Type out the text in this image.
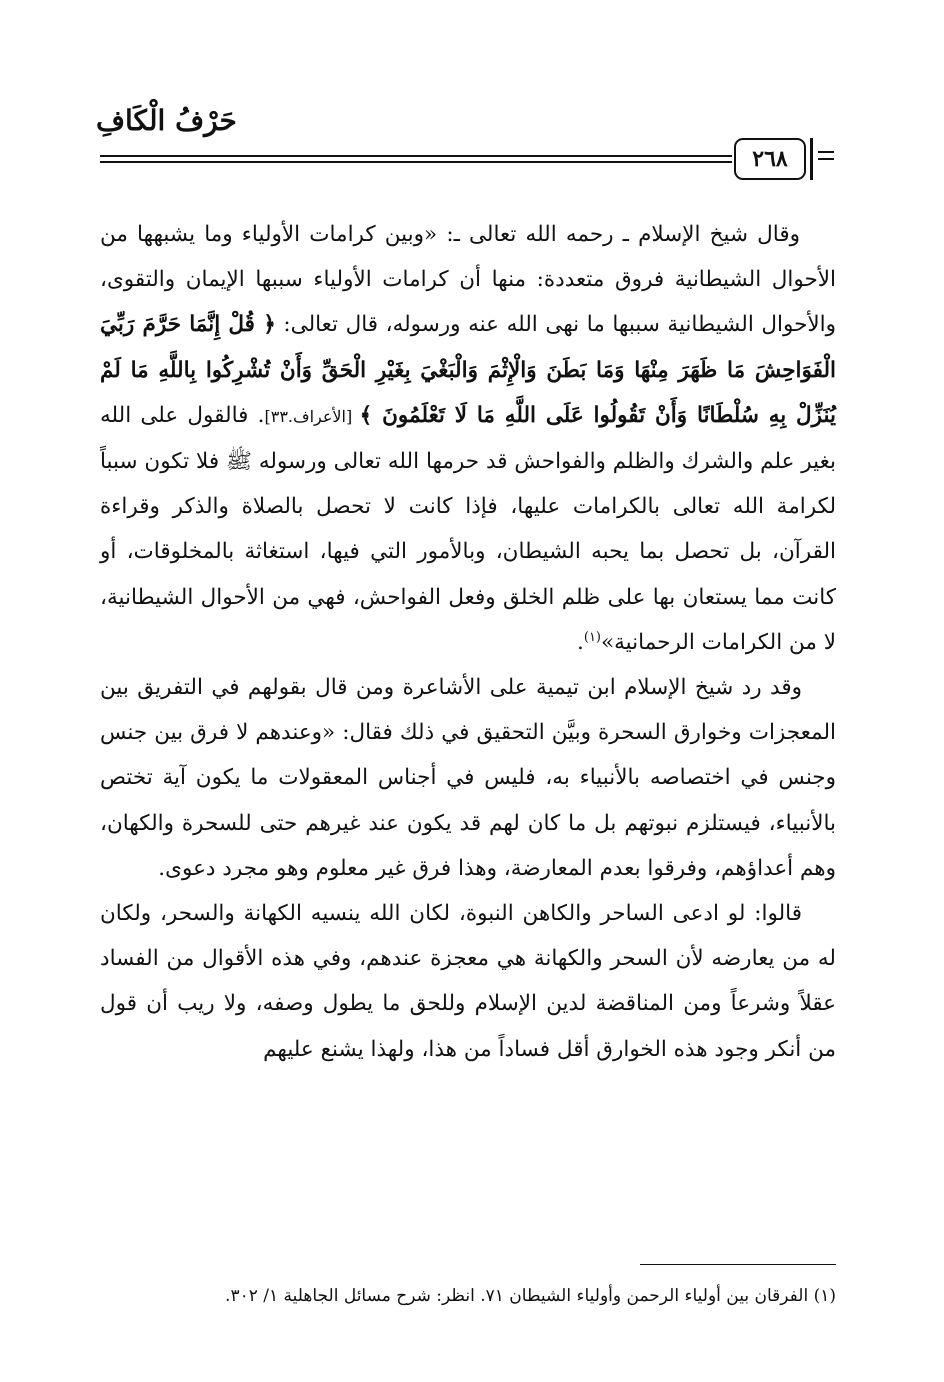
حَرْفُ الْكَافِ
٢٦٨

وقال شيخ الإسلام ـ رحمه الله تعالى ـ: «وبين كرامات الأولياء وما يشبهها من الأحوال الشيطانية فروق متعددة: منها أن كرامات الأولياء سببها الإيمان والتقوى، والأحوال الشيطانية سببها ما نهى الله عنه ورسوله، قال تعالى: ﴿ قُلْ إِنَّمَا حَرَّمَ رَبِّيَ الْفَوَاحِشَ مَا ظَهَرَ مِنْهَا وَمَا بَطَنَ وَالْإِثْمَ وَالْبَغْيَ بِغَيْرِ الْحَقِّ وَأَنْ تُشْرِكُوا بِاللَّهِ مَا لَمْ يُنَزِّلْ بِهِ سُلْطَانًا وَأَنْ تَقُولُوا عَلَى اللَّهِ مَا لَا تَعْلَمُونَ ﴾ [الأعراف.٣٣]. فالقول على الله بغير علم والشرك والظلم والفواحش قد حرمها الله تعالى ورسوله ﷺ فلا تكون سبباً لكرامة الله تعالى بالكرامات عليها، فإذا كانت لا تحصل بالصلاة والذكر وقراءة القرآن، بل تحصل بما يحبه الشيطان، وبالأمور التي فيها، استغاثة بالمخلوقات، أو كانت مما يستعان بها على ظلم الخلق وفعل الفواحش، فهي من الأحوال الشيطانية، لا من الكرامات الرحمانية»$^{(١)}$.

وقد رد شيخ الإسلام ابن تيمية على الأشاعرة ومن قال بقولهم في التفريق بين المعجزات وخوارق السحرة وبيَّن التحقيق في ذلك فقال: «وعندهم لا فرق بين جنس وجنس في اختصاصه بالأنبياء به، فليس في أجناس المعقولات ما يكون آية تختص بالأنبياء، فيستلزم نبوتهم بل ما كان لهم قد يكون عند غيرهم حتى للسحرة والكهان، وهم أعداؤهم، وفرقوا بعدم المعارضة، وهذا فرق غير معلوم وهو مجرد دعوى.

قالوا: لو ادعى الساحر والكاهن النبوة، لكان الله ينسيه الكهانة والسحر، ولكان له من يعارضه لأن السحر والكهانة هي معجزة عندهم، وفي هذه الأقوال من الفساد عقلاً وشرعاً ومن المناقضة لدين الإسلام وللحق ما يطول وصفه، ولا ريب أن قول من أنكر وجود هذه الخوارق أقل فساداً من هذا، ولهذا يشنع عليهم

(١) الفرقان بين أولياء الرحمن وأولياء الشيطان ٧١. انظر: شرح مسائل الجاهلية ١/ ٣٠٢.
